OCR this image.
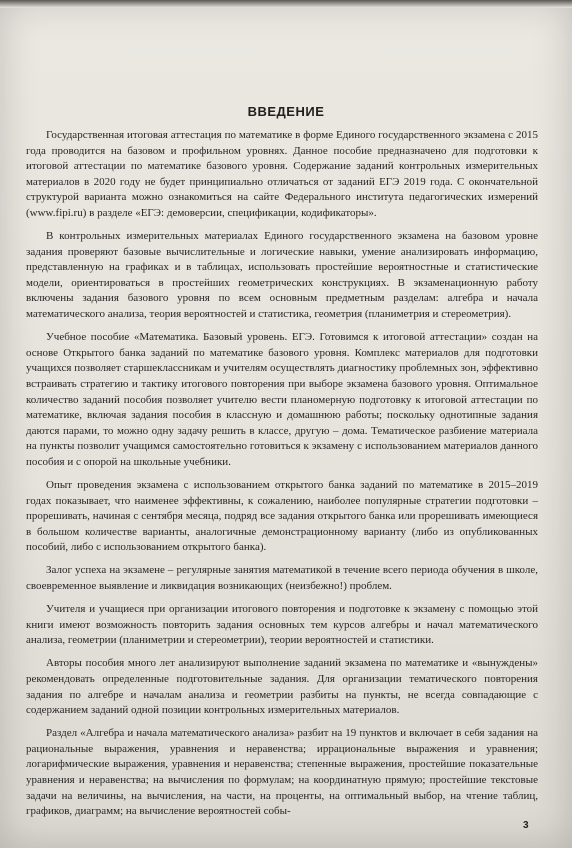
ВВЕДЕНИЕ

Государственная итоговая аттестация по математике в форме Единого государственного экзамена с 2015 года проводится на базовом и профильном уровнях. Данное пособие предназначено для подготовки к итоговой аттестации по математике базового уровня. Содержание заданий контрольных измерительных материалов в 2020 году не будет принципиально отличаться от заданий ЕГЭ 2019 года. С окончательной структурой варианта можно ознакомиться на сайте Федерального института педагогических измерений (www.fipi.ru) в разделе «ЕГЭ: демоверсии, спецификации, кодификаторы».

В контрольных измерительных материалах Единого государственного экзамена на базовом уровне задания проверяют базовые вычислительные и логические навыки, умение анализировать информацию, представленную на графиках и в таблицах, использовать простейшие вероятностные и статистические модели, ориентироваться в простейших геометрических конструкциях. В экзаменационную работу включены задания базового уровня по всем основным предметным разделам: алгебра и начала математического анализа, теория вероятностей и статистика, геометрия (планиметрия и стереометрия).

Учебное пособие «Математика. Базовый уровень. ЕГЭ. Готовимся к итоговой аттестации» создан на основе Открытого банка заданий по математике базового уровня. Комплекс материалов для подготовки учащихся позволяет старшеклассникам и учителям осуществлять диагностику проблемных зон, эффективно встраивать стратегию и тактику итогового повторения при выборе экзамена базового уровня. Оптимальное количество заданий пособия позволяет учителю вести планомерную подготовку к итоговой аттестации по математике, включая задания пособия в классную и домашнюю работы; поскольку однотипные задания даются парами, то можно одну задачу решить в классе, другую – дома. Тематическое разбиение материала на пункты позволит учащимся самостоятельно готовиться к экзамену с использованием материалов данного пособия и с опорой на школьные учебники.

Опыт проведения экзамена с использованием открытого банка заданий по математике в 2015–2019 годах показывает, что наименее эффективны, к сожалению, наиболее популярные стратегии подготовки – прорешивать, начиная с сентября месяца, подряд все задания открытого банка или прорешивать имеющиеся в большом количестве варианты, аналогичные демонстрационному варианту (либо из опубликованных пособий, либо с использованием открытого банка).

Залог успеха на экзамене – регулярные занятия математикой в течение всего периода обучения в школе, своевременное выявление и ликвидация возникающих (неизбежно!) проблем.

Учителя и учащиеся при организации итогового повторения и подготовке к экзамену с помощью этой книги имеют возможность повторить задания основных тем курсов алгебры и начал математического анализа, геометрии (планиметрии и стереометрии), теории вероятностей и статистики.

Авторы пособия много лет анализируют выполнение заданий экзамена по математике и «вынуждены» рекомендовать определенные подготовительные задания. Для организации тематического повторения задания по алгебре и началам анализа и геометрии разбиты на пункты, не всегда совпадающие с содержанием заданий одной позиции контрольных измерительных материалов.

Раздел «Алгебра и начала математического анализа» разбит на 19 пунктов и включает в себя задания на рациональные выражения, уравнения и неравенства; иррациональные выражения и уравнения; логарифмические выражения, уравнения и неравенства; степенные выражения, простейшие показательные уравнения и неравенства; на вычисления по формулам; на координатную прямую; простейшие текстовые задачи на величины, на вычисления, на части, на проценты, на оптимальный выбор, на чтение таблиц, графиков, диаграмм; на вычисление вероятностей собы-

3
